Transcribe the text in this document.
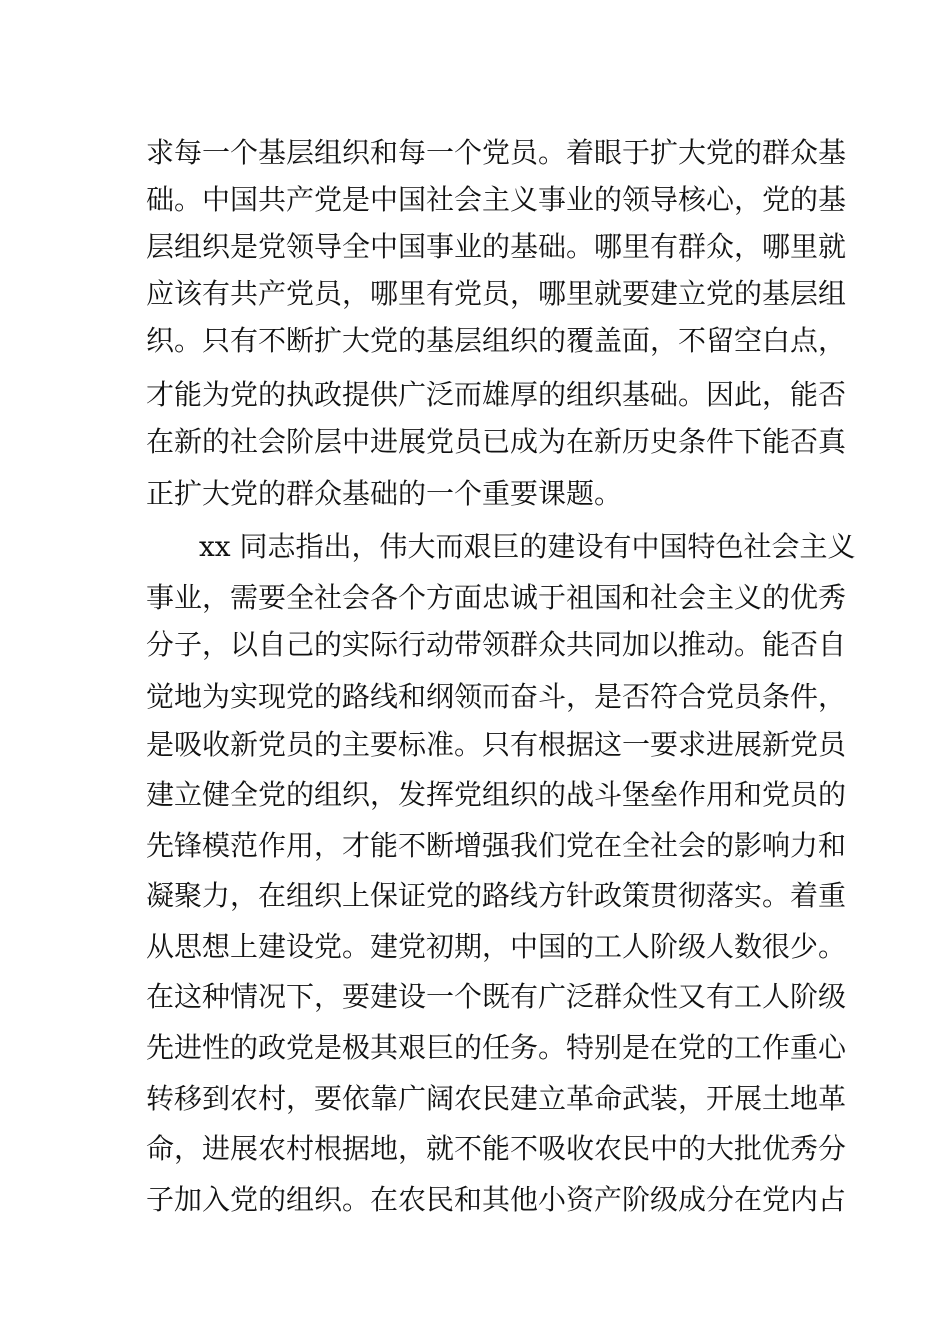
求每一个基层组织和每一个党员。着眼于扩大党的群众基
础。中国共产党是中国社会主义事业的领导核心，党的基
层组织是党领导全中国事业的基础。哪里有群众，哪里就
应该有共产党员，哪里有党员，哪里就要建立党的基层组
织。只有不断扩大党的基层组织的覆盖面，不留空白点，
才能为党的执政提供广泛而雄厚的组织基础。因此，能否
在新的社会阶层中进展党员已成为在新历史条件下能否真
正扩大党的群众基础的一个重要课题。
xx 同志指出，伟大而艰巨的建设有中国特色社会主义
事业，需要全社会各个方面忠诚于祖国和社会主义的优秀
分子，以自己的实际行动带领群众共同加以推动。能否自
觉地为实现党的路线和纲领而奋斗，是否符合党员条件，
是吸收新党员的主要标准。只有根据这一要求进展新党员
建立健全党的组织，发挥党组织的战斗堡垒作用和党员的
先锋模范作用，才能不断增强我们党在全社会的影响力和
凝聚力，在组织上保证党的路线方针政策贯彻落实。着重
从思想上建设党。建党初期，中国的工人阶级人数很少。
在这种情况下，要建设一个既有广泛群众性又有工人阶级
先进性的政党是极其艰巨的任务。特别是在党的工作重心
转移到农村，要依靠广阔农民建立革命武装，开展土地革
命，进展农村根据地，就不能不吸收农民中的大批优秀分
子加入党的组织。在农民和其他小资产阶级成分在党内占
